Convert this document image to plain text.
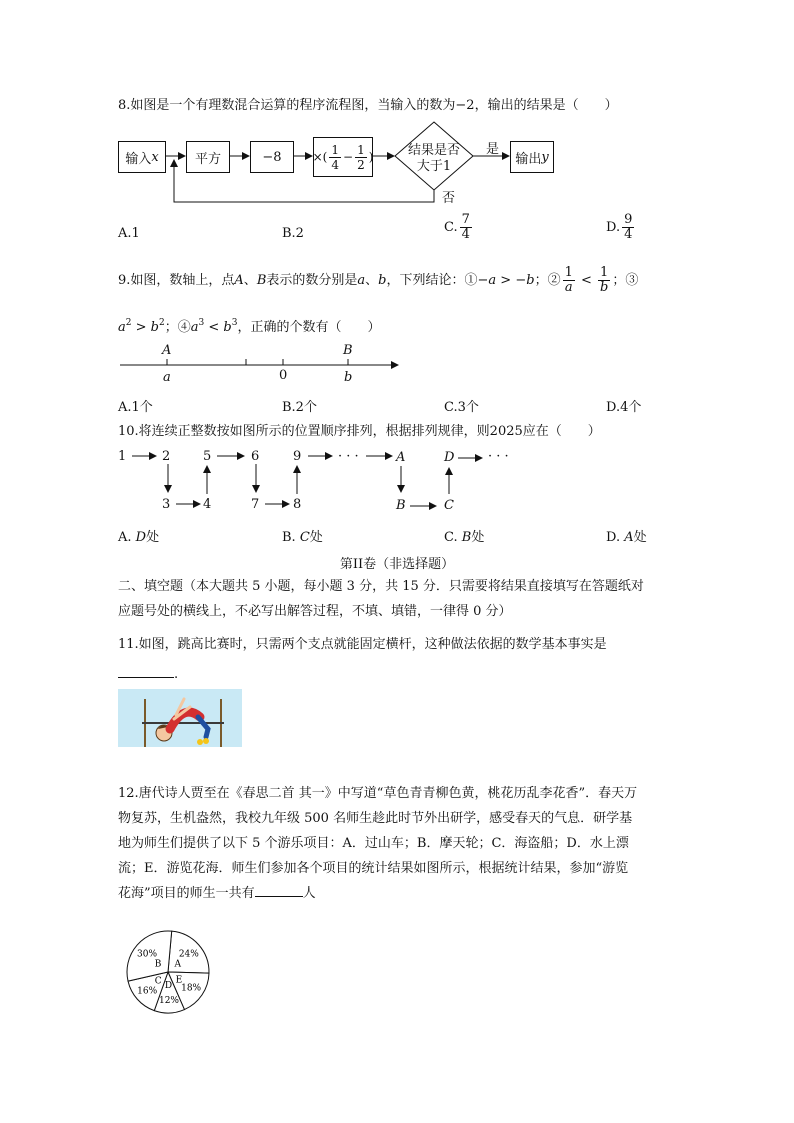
8.如图是一个有理数混合运算的程序流程图，当输入的数为−2，输出的结果是（　　）
输入 x	平方	−8	×( $\frac{1}{4} - \frac{1}{2}$ )	结果是否
大于1
是
否
输出 y
A.1	B.2	C. $\frac{7}{4}$	D. $\frac{9}{4}$
9.如图，数轴上，点A、B表示的数分别是a、b，下列结论：①−a > −b；② $\frac{1}{a} < \frac{1}{b}$ ；③
$a^2 > b^2$；$④a^3 < b^3$，正确的个数有（　　）
A	B
a	0	b
A.1个	B.2个	C.3个	D.4个
10.将连续正整数按如图所示的位置顺序排列，根据排列规律，则2025应在（　　）
1	2
3	4
5	6
7	8
9	· · ·	A
B	C
D	· · ·
A. D处	B. C处	C. B处	D. A处
第II卷（非选择题）
二、填空题（本大题共 5 小题，每小题 3 分，共 15 分．只需要将结果直接填写在答题纸对
应题号处的横线上，不必写出解答过程，不填、填错，一律得 0 分）
11.如图，跳高比赛时，只需两个支点就能固定横杆，这种做法依据的数学基本事实是
.
12.唐代诗人贾至在《春思二首 其一》中写道“草色青青柳色黄，桃花历乱李花香”．春天万
物复苏，生机盎然，我校九年级 500 名师生趁此时节外出研学，感受春天的气息．研学基
地为师生们提供了以下 5 个游乐项目：A．过山车；B．摩天轮；C．海盗船；D．水上漂
流；E．游览花海．师生们参加各个项目的统计结果如图所示，根据统计结果，参加“游览
花海”项目的师生一共有	人
A
24%
E
18%
D
12%
C
16%
B
30%
